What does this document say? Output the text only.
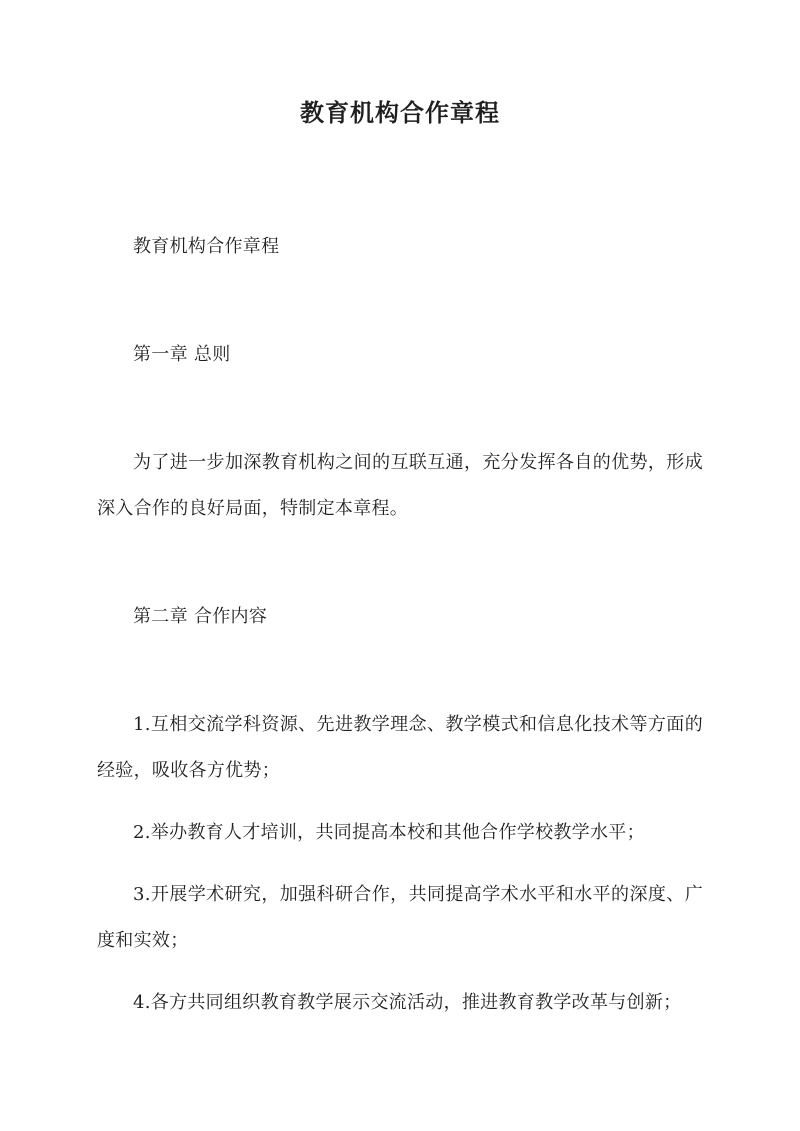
教育机构合作章程

教育机构合作章程

第一章 总则

为了进一步加深教育机构之间的互联互通，充分发挥各自的优势，形成深入合作的良好局面，特制定本章程。

第二章 合作内容

1.互相交流学科资源、先进教学理念、教学模式和信息化技术等方面的经验，吸收各方优势；

2.举办教育人才培训，共同提高本校和其他合作学校教学水平；

3.开展学术研究，加强科研合作，共同提高学术水平和水平的深度、广度和实效；

4.各方共同组织教育教学展示交流活动，推进教育教学改革与创新；
